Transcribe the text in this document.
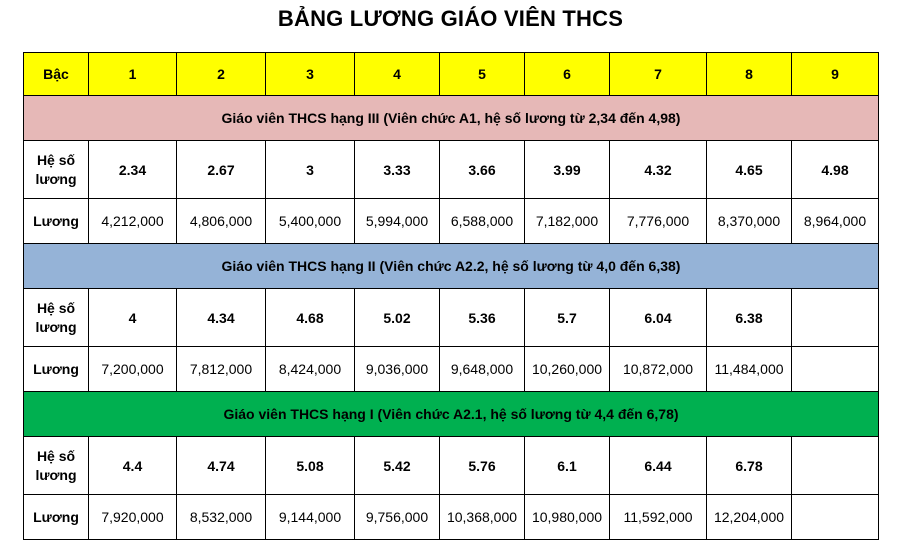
BẢNG LƯƠNG GIÁO VIÊN THCS
Bậc	1	2	3	4	5	6	7	8	9
Giáo viên THCS hạng III (Viên chức A1, hệ số lương từ 2,34 đến 4,98)									
Hệ số lương	2.34	2.67	3	3.33	3.66	3.99	4.32	4.65	4.98
Lương	4,212,000	4,806,000	5,400,000	5,994,000	6,588,000	7,182,000	7,776,000	8,370,000	8,964,000
Giáo viên THCS hạng II (Viên chức A2.2, hệ số lương từ 4,0 đến 6,38)									
Hệ số lương	4	4.34	4.68	5.02	5.36	5.7	6.04	6.38	
Lương	7,200,000	7,812,000	8,424,000	9,036,000	9,648,000	10,260,000	10,872,000	11,484,000	
Giáo viên THCS hạng I (Viên chức A2.1, hệ số lương từ 4,4 đến 6,78)									
Hệ số lương	4.4	4.74	5.08	5.42	5.76	6.1	6.44	6.78	
Lương	7,920,000	8,532,000	9,144,000	9,756,000	10,368,000	10,980,000	11,592,000	12,204,000	
